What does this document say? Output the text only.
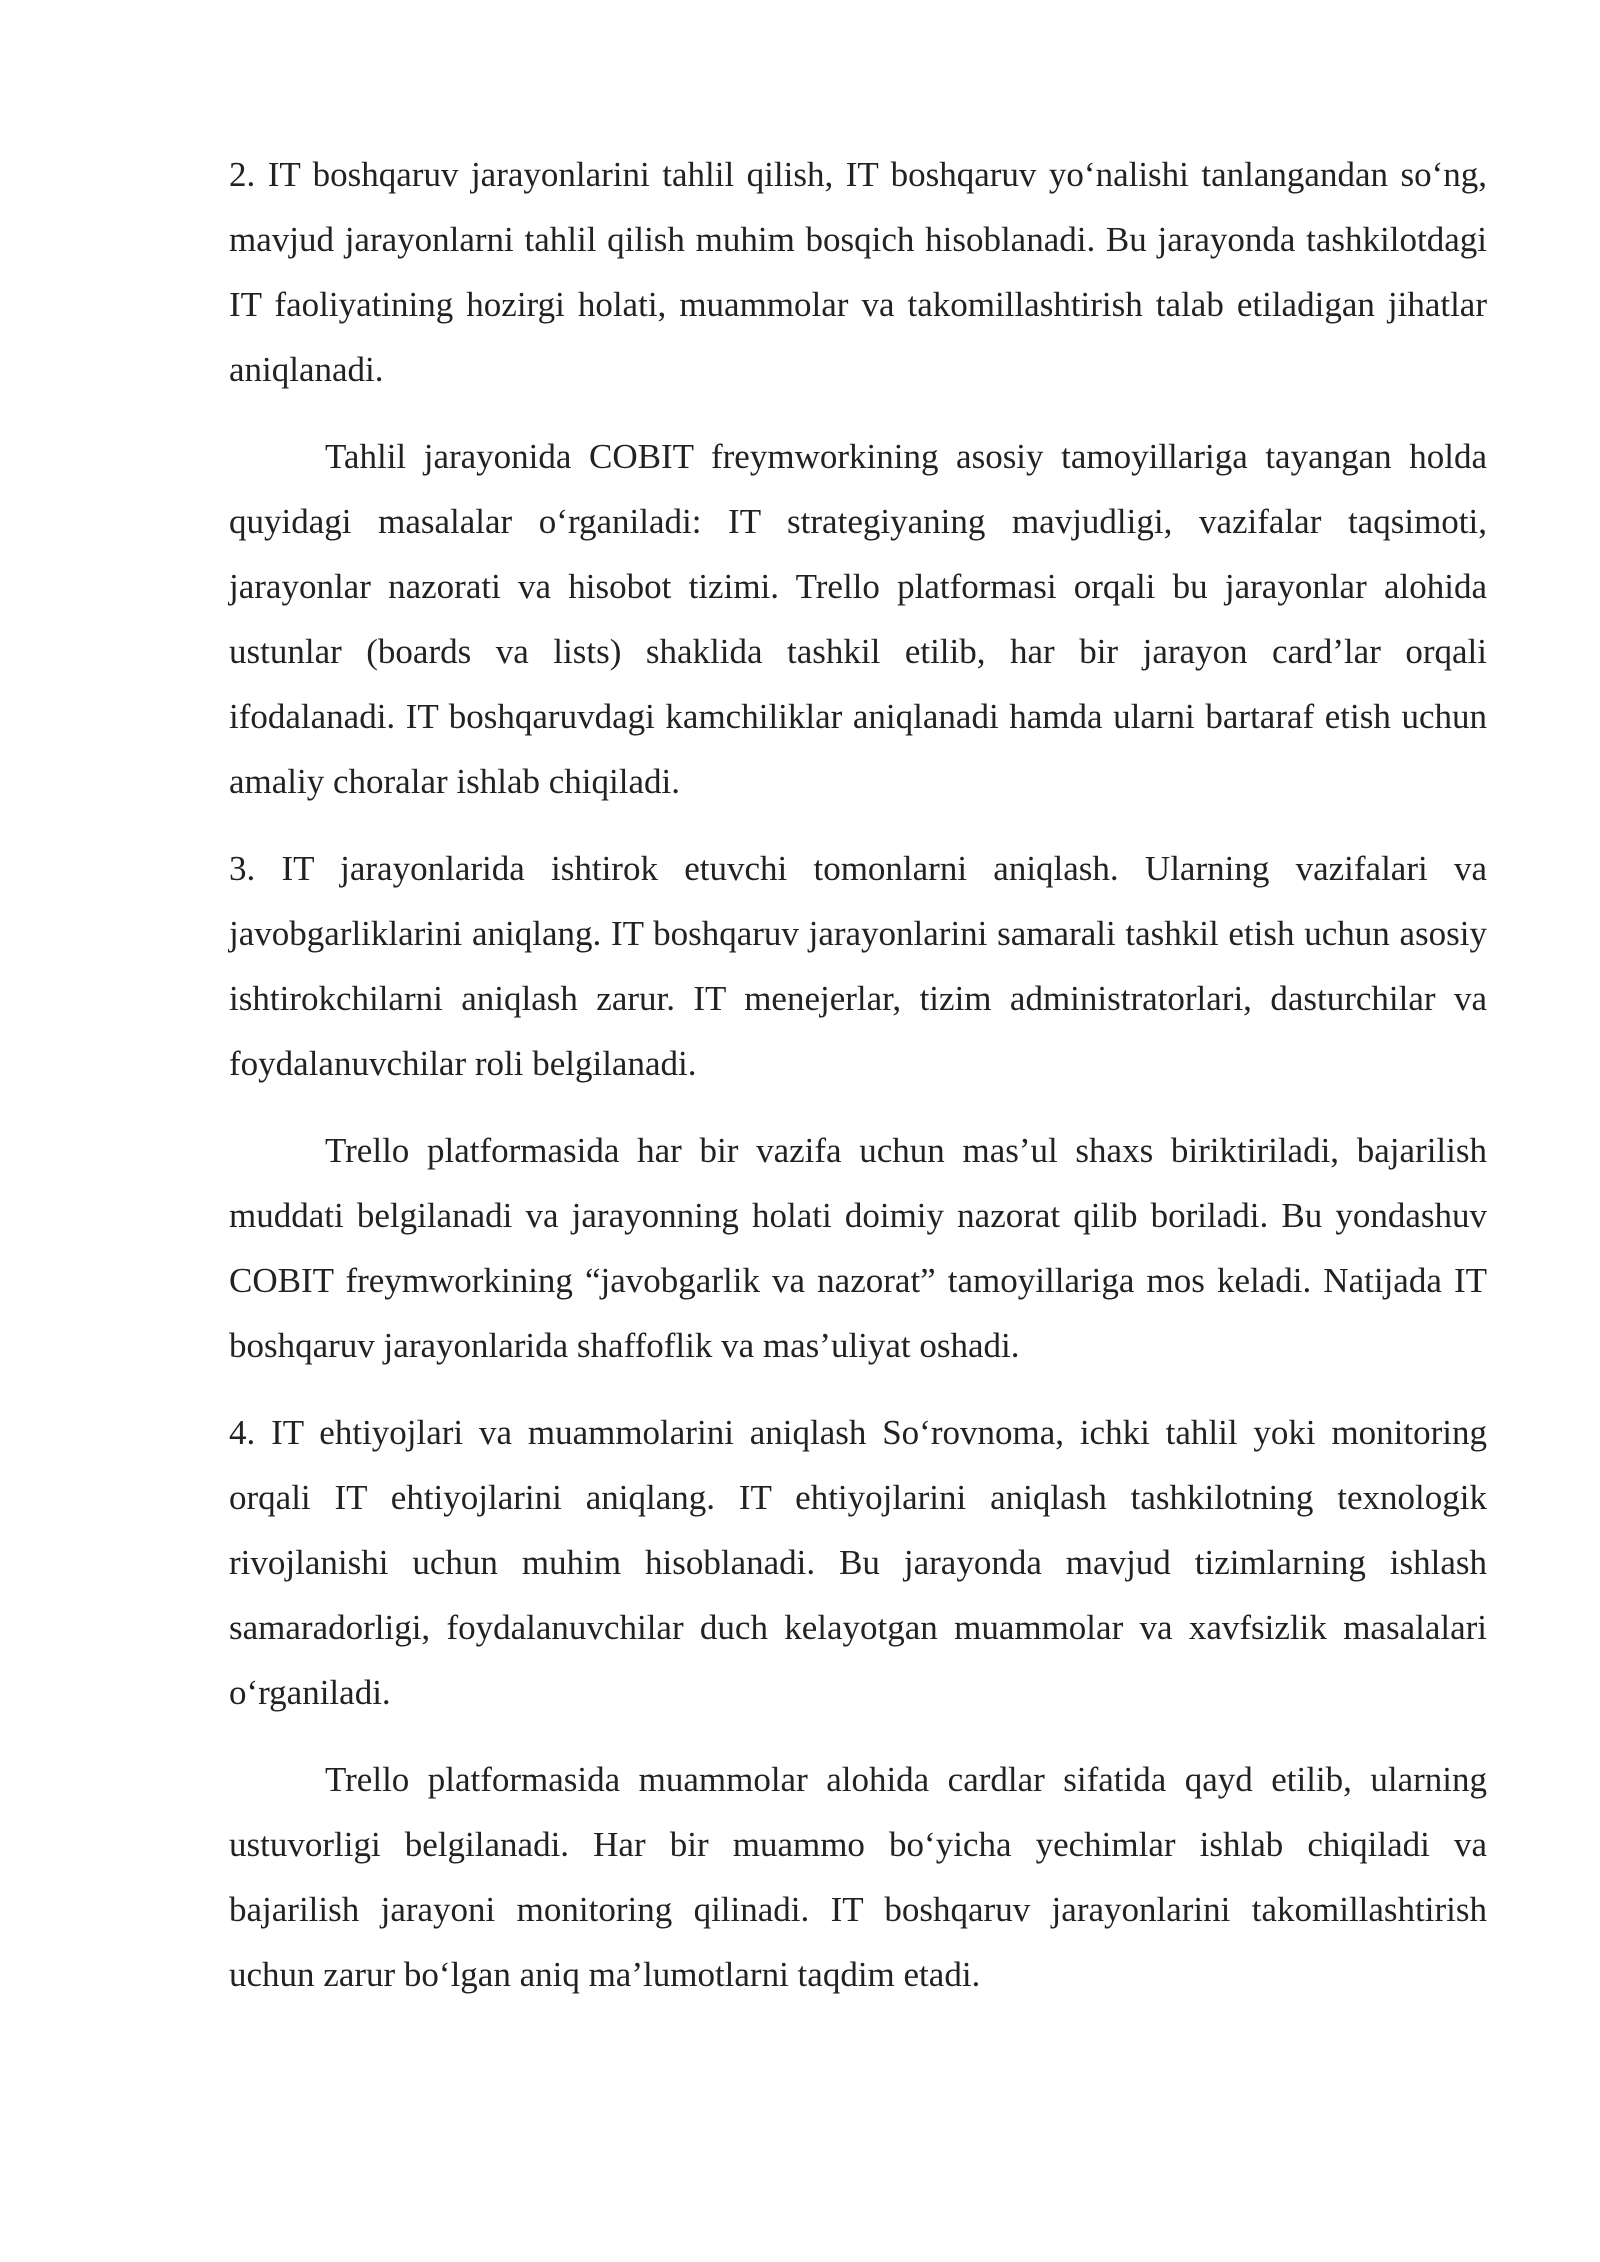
2. IT boshqaruv jarayonlarini tahlil qilish, IT boshqaruv yo‘nalishi tanlangandan so‘ng, mavjud jarayonlarni tahlil qilish muhim bosqich hisoblanadi. Bu jarayonda tashkilotdagi IT faoliyatining hozirgi holati, muammolar va takomillashtirish talab etiladigan jihatlar aniqlanadi.

Tahlil jarayonida COBIT freymworkining asosiy tamoyillariga tayangan holda quyidagi masalalar o‘rganiladi: IT strategiyaning mavjudligi, vazifalar taqsimoti, jarayonlar nazorati va hisobot tizimi. Trello platformasi orqali bu jarayonlar alohida ustunlar (boards va lists) shaklida tashkil etilib, har bir jarayon card’lar orqali ifodalanadi. IT boshqaruvdagi kamchiliklar aniqlanadi hamda ularni bartaraf etish uchun amaliy choralar ishlab chiqiladi.

3. IT jarayonlarida ishtirok etuvchi tomonlarni aniqlash. Ularning vazifalari va javobgarliklarini aniqlang. IT boshqaruv jarayonlarini samarali tashkil etish uchun asosiy ishtirokchilarni aniqlash zarur. IT menejerlar, tizim administratorlari, dasturchilar va foydalanuvchilar roli belgilanadi.

Trello platformasida har bir vazifa uchun mas’ul shaxs biriktiriladi, bajarilish muddati belgilanadi va jarayonning holati doimiy nazorat qilib boriladi. Bu yondashuv COBIT freymworkining “javobgarlik va nazorat” tamoyillariga mos keladi. Natijada IT boshqaruv jarayonlarida shaffoflik va mas’uliyat oshadi.

4. IT ehtiyojlari va muammolarini aniqlash So‘rovnoma, ichki tahlil yoki monitoring orqali IT ehtiyojlarini aniqlang. IT ehtiyojlarini aniqlash tashkilotning texnologik rivojlanishi uchun muhim hisoblanadi. Bu jarayonda mavjud tizimlarning ishlash samaradorligi, foydalanuvchilar duch kelayotgan muammolar va xavfsizlik masalalari o‘rganiladi.

Trello platformasida muammolar alohida cardlar sifatida qayd etilib, ularning ustuvorligi belgilanadi. Har bir muammo bo‘yicha yechimlar ishlab chiqiladi va bajarilish jarayoni monitoring qilinadi. IT boshqaruv jarayonlarini takomillashtirish uchun zarur bo‘lgan aniq ma’lumotlarni taqdim etadi.
